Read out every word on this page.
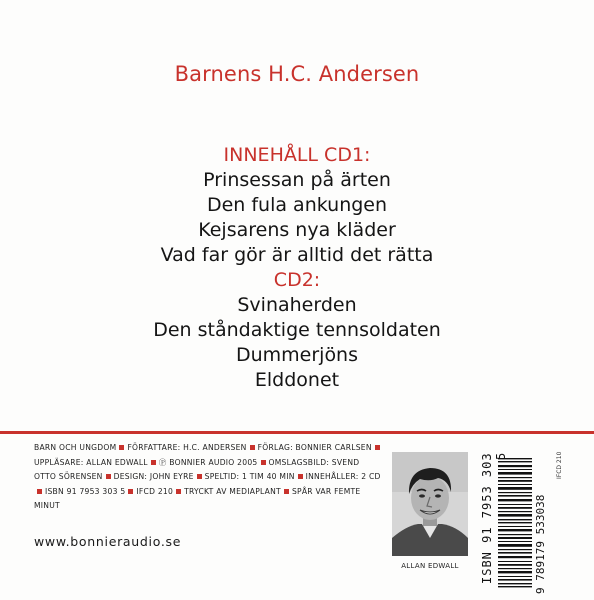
Barnens H.C. Andersen
INNEHÅLL CD1:
Prinsessan på ärten
Den fula ankungen
Kejsarens nya kläder
Vad far gör är alltid det rätta
CD2:
Svinaherden
Den ståndaktige tennsoldaten
Dummerjöns
Elddonet
BARN OCH UNGDOM FÖRFATTARE: H.C. ANDERSEN FÖRLAG: BONNIER CARLSENUPPLÄSARE: ALLAN EDWALL Ⓟ BONNIER AUDIO 2005 OMSLAGSBILD: SVEND OTTO SÖRENSEN DESIGN: JOHN EYRE SPELTID: 1 TIM 40 MIN INNEHÅLLER: 2 CDISBN 91 7953 303 5 IFCD 210 TRYCKT AV MEDIAPLANT SPÅR VAR FEMTE MINUT
www.bonnieraudio.se
ALLAN EDWALL	ISBN 91 7953 303 5
9 789179 533038
IFCD 210
